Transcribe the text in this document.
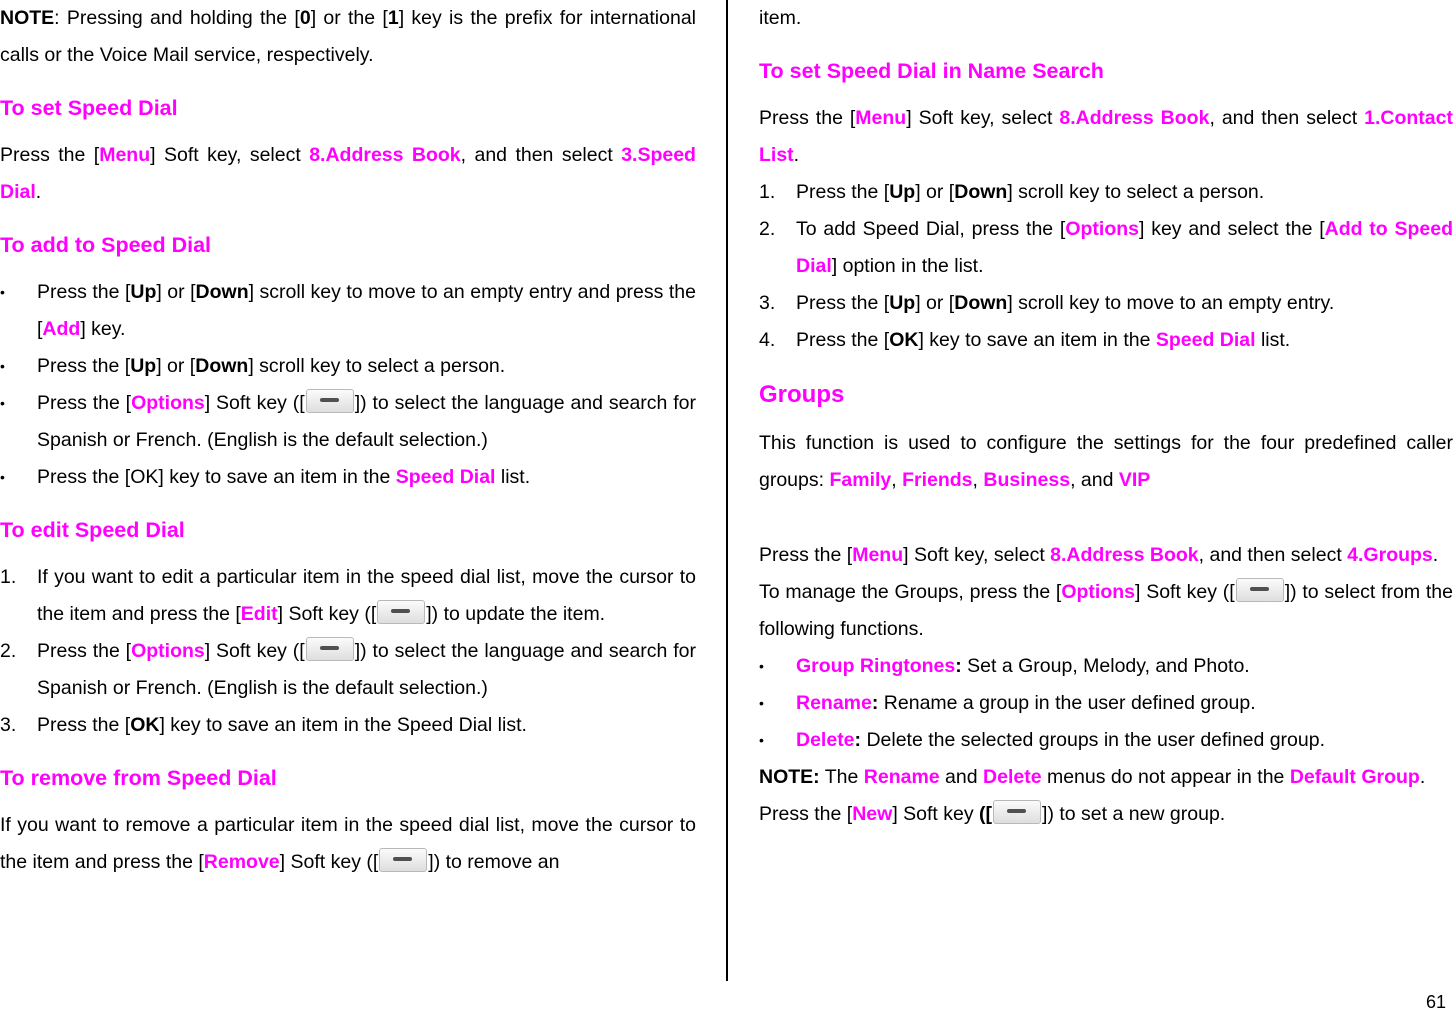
NOTE: Pressing and holding the [0] or the [1] key is the prefix for international calls or the Voice Mail service, respectively.

To set Speed Dial

Press the [Menu] Soft key, select 8.Address Book, and then select 3.Speed Dial.

To add to Speed Dial
• Press the [Up] or [Down] scroll key to move to an empty entry and press the [Add] key.
• Press the [Up] or [Down] scroll key to select a person.
• Press the [Options] Soft key ([	]) to select the language and search for Spanish or French. (English is the default selection.)
• Press the [OK] key to save an item in the Speed Dial list.
To edit Speed Dial
1. If you want to edit a particular item in the speed dial list, move the cursor to the item and press the [Edit] Soft key ([	]) to update the item.
2. Press the [Options] Soft key ([	]) to select the language and search for Spanish or French. (English is the default selection.)
3. Press the [OK] key to save an item in the Speed Dial list.
To remove from Speed Dial

If you want to remove a particular item in the speed dial list, move the cursor to the item and press the [Remove] Soft key ([	]) to remove an

item.

To set Speed Dial in Name Search

Press the [Menu] Soft key, select 8.Address Book, and then select 1.Contact List.

1. Press the [Up] or [Down] scroll key to select a person.
2. To add Speed Dial, press the [Options] key and select the [Add to Speed Dial] option in the list.
3. Press the [Up] or [Down] scroll key to move to an empty entry.
4. Press the [OK] key to save an item in the Speed Dial list.
Groups

This function is used to configure the settings for the four predefined caller groups: Family, Friends, Business, and VIP

Press the [Menu] Soft key, select 8.Address Book, and then select 4.Groups.

To manage the Groups, press the [Options] Soft key ([	]) to select from the following functions.

• Group Ringtones: Set a Group, Melody, and Photo.
• Rename: Rename a group in the user defined group.
• Delete: Delete the selected groups in the user defined group.

NOTE: The Rename and Delete menus do not appear in the Default Group.

Press the [New] Soft key ([	]) to set a new group.

61
